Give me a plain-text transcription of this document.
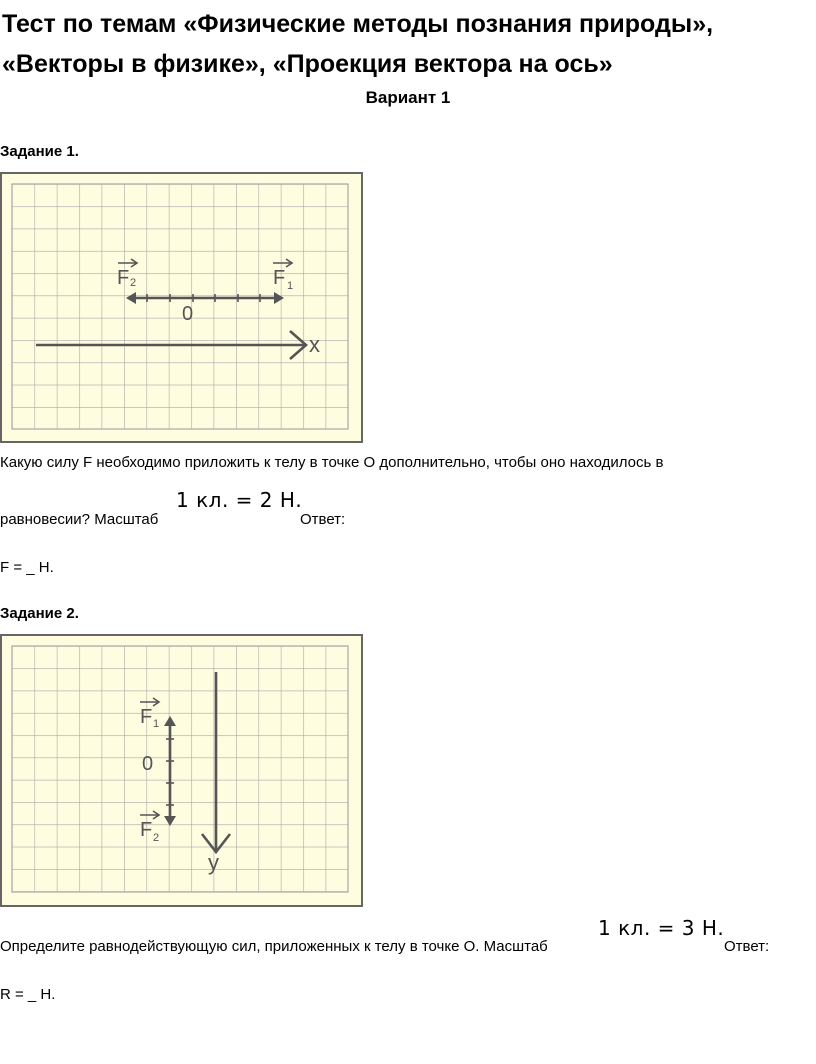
Тест по темам «Физические методы познания природы», «Векторы в физике», «Проекция вектора на ось»
Вариант 1
Задание 1.
F 2	F 1
0
x
Какую силу F необходимо приложить к телу в точке О дополнительно, чтобы оно находилось в
равновесии? Масштаб
1 кл. = 2 Н.
Ответ:
F = _ Н.
Задание 2.
F 1
F 2
0
y
Определите равнодействующую сил, приложенных к телу в точке О. Масштаб
1 кл. = 3 Н.
Ответ:
R = _ Н.
